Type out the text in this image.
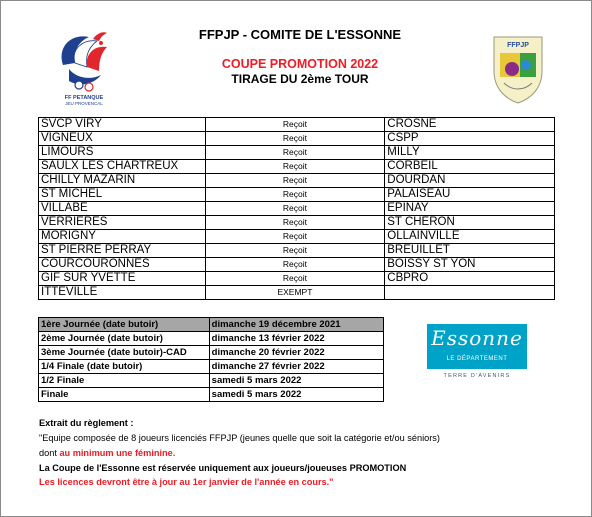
FF PETANQUE
JEU PROVENCAL
FFPJP
FFPJP - COMITE DE L'ESSONNE
COUPE PROMOTION 2022
TIRAGE DU 2ème TOUR
SVCP VIRY	Reçoit	CROSNE
VIGNEUX	Reçoit	CSPP
LIMOURS	Reçoit	MILLY
SAULX LES CHARTREUX	Reçoit	CORBEIL
CHILLY MAZARIN	Reçoit	DOURDAN
ST MICHEL	Reçoit	PALAISEAU
VILLABE	Reçoit	EPINAY
VERRIERES	Reçoit	ST CHERON
MORIGNY	Reçoit	OLLAINVILLE
ST PIERRE PERRAY	Reçoit	BREUILLET
COURCOURONNES	Reçoit	BOISSY ST YON
GIF SUR YVETTE	Reçoit	CBPRO
ITTEVILLE	EXEMPT	
1ère Journée (date butoir)	dimanche 19 décembre 2021
2ème Journée (date butoir)	dimanche 13 février 2022
3ème Journée (date butoir)-CAD	dimanche 20 février 2022
1/4 Finale (date butoir)	dimanche 27 février 2022
1/2 Finale	samedi 5 mars 2022
Finale	samedi 5 mars 2022
Essonne
LE DÉPARTEMENT
TERRE D'AVENIRS
Extrait du règlement :
"Equipe composée de 8 joueurs licenciés FFPJP (jeunes quelle que soit la catégorie et/ou séniors)
dont au minimum une féminine.
La Coupe de l'Essonne est réservée uniquement aux joueurs/joueuses PROMOTION
Les licences devront être à jour au 1er janvier de l'année en cours."
